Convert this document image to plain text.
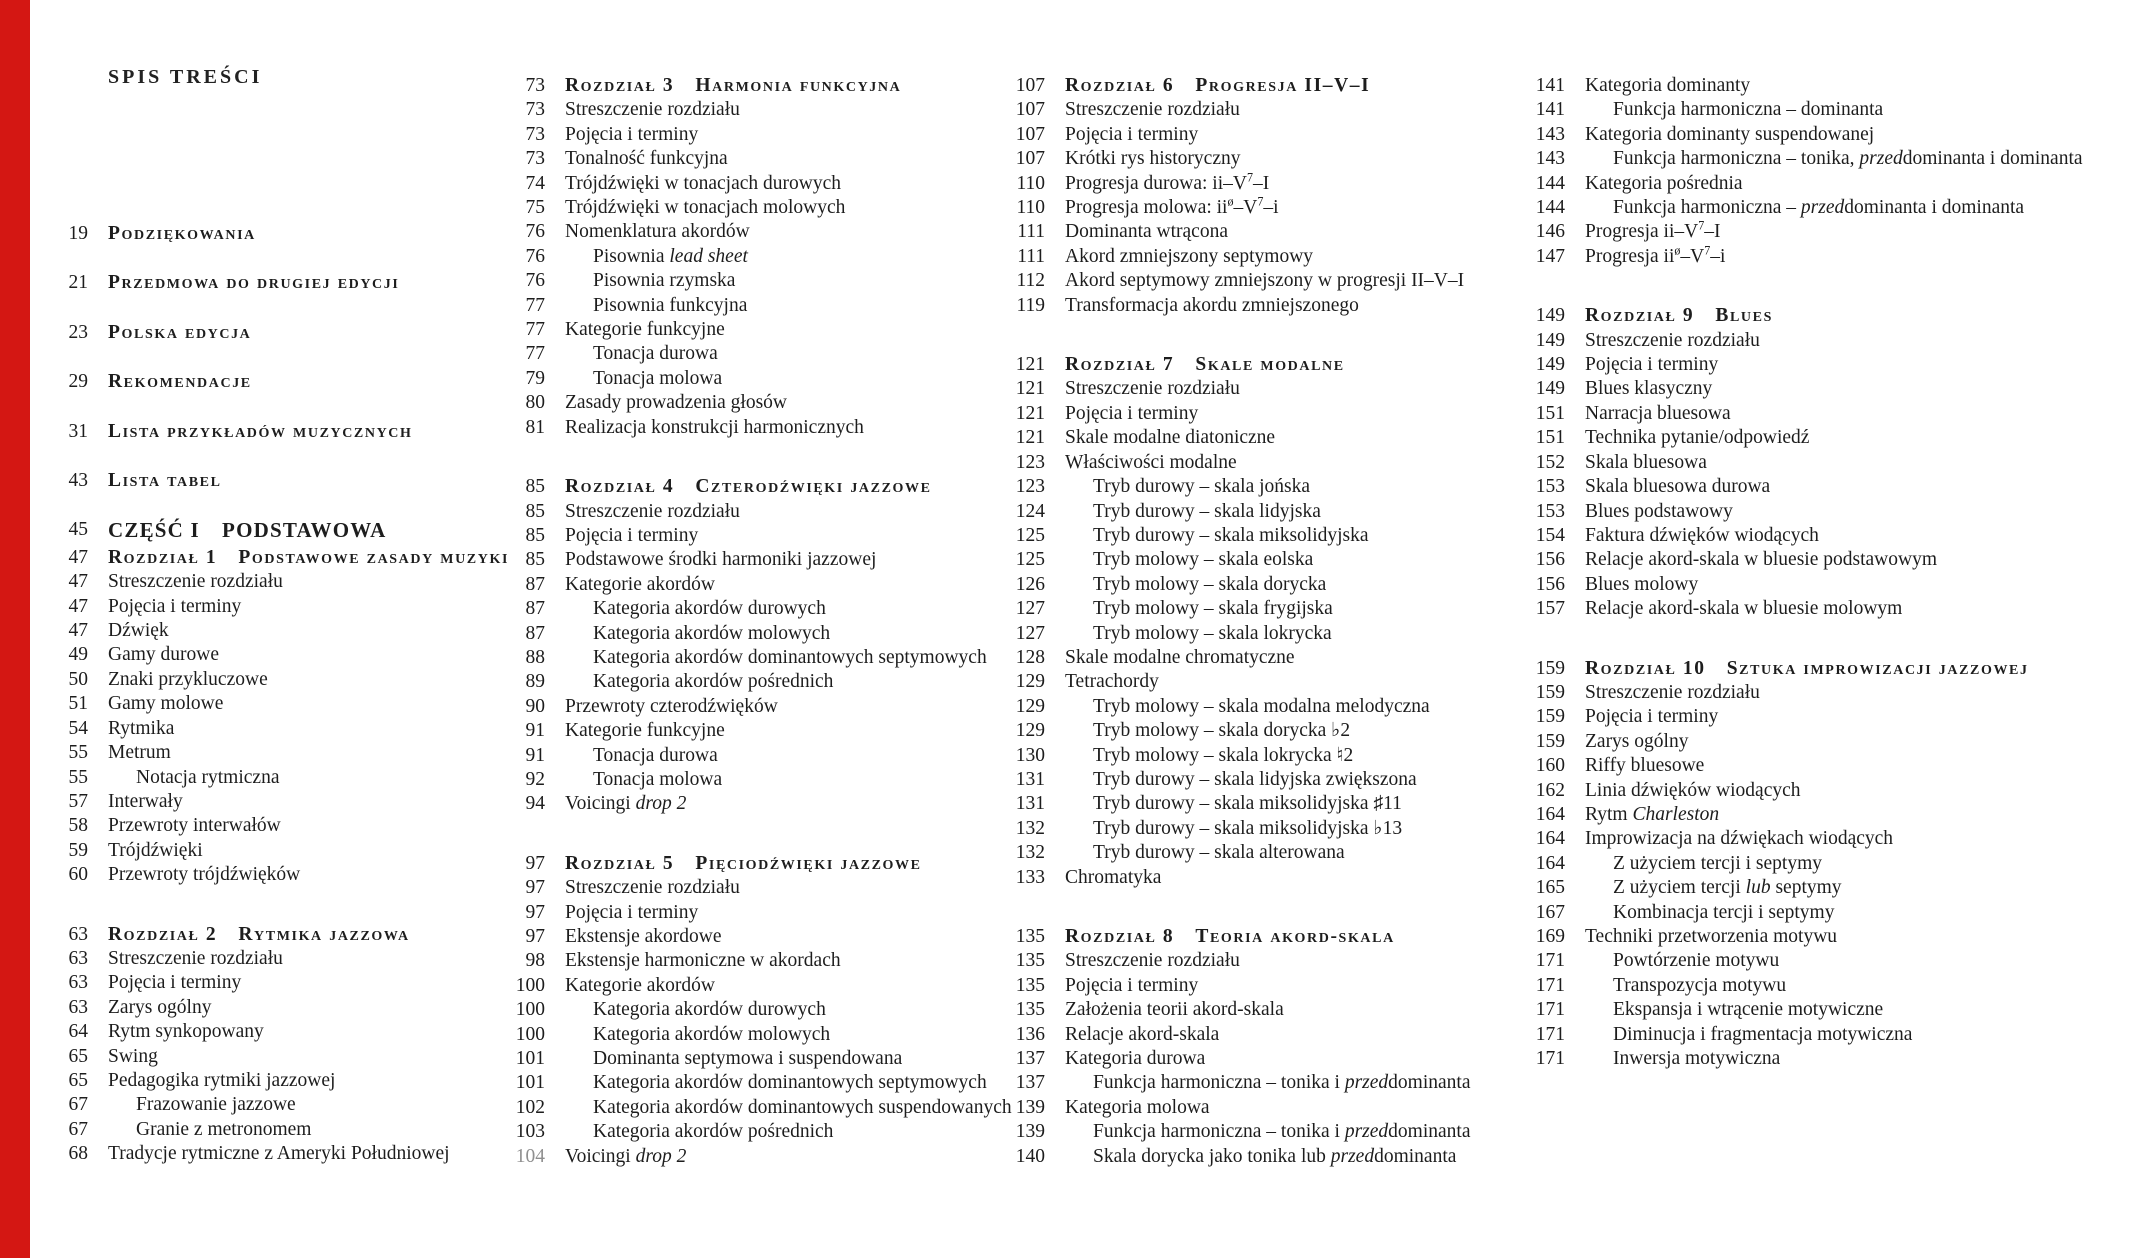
SPIS TREŚCI
19 Podziękowania
21 Przedmowa do drugiej edycji
23 Polska edycja
29 Rekomendacje
31 Lista przykładów muzycznych
43 Lista tabel
45 CZĘŚĆ I PODSTAWOWA
47 Rozdział 1 Podstawowe zasady muzyki
47 Streszczenie rozdziału
47 Pojęcia i terminy
47 Dźwięk
49 Gamy durowe
50 Znaki przykluczowe
51 Gamy molowe
54 Rytmika
55 Metrum
55	Notacja rytmiczna
57 Interwały
58 Przewroty interwałów
59 Trójdźwięki
60 Przewroty trójdźwięków
63 Rozdział 2 Rytmika jazzowa
63 Streszczenie rozdziału
63 Pojęcia i terminy
63 Zarys ogólny
64 Rytm synkopowany
65 Swing
65 Pedagogika rytmiki jazzowej
67	Frazowanie jazzowe
67	Granie z metronomem
68 Tradycje rytmiczne z Ameryki Południowej
73 Rozdział 3 Harmonia funkcyjna
73 Streszczenie rozdziału
73 Pojęcia i terminy
73 Tonalność funkcyjna
74 Trójdźwięki w tonacjach durowych
75 Trójdźwięki w tonacjach molowych
76 Nomenklatura akordów
76	Pisownia lead sheet
76	Pisownia rzymska
77	Pisownia funkcyjna
77 Kategorie funkcyjne
77	Tonacja durowa
79	Tonacja molowa
80 Zasady prowadzenia głosów
81 Realizacja konstrukcji harmonicznych
85 Rozdział 4 Czterodźwięki jazzowe
85 Streszczenie rozdziału
85 Pojęcia i terminy
85 Podstawowe środki harmoniki jazzowej
87 Kategorie akordów
87	Kategoria akordów durowych
87	Kategoria akordów molowych
88	Kategoria akordów dominantowych septymowych
89	Kategoria akordów pośrednich
90 Przewroty czterodźwięków
91 Kategorie funkcyjne
91	Tonacja durowa
92	Tonacja molowa
94 Voicingi drop 2
97 Rozdział 5 Pięciodźwięki jazzowe
97 Streszczenie rozdziału
97 Pojęcia i terminy
97 Ekstensje akordowe
98 Ekstensje harmoniczne w akordach
100 Kategorie akordów
100	Kategoria akordów durowych
100	Kategoria akordów molowych
101	Dominanta septymowa i suspendowana
101	Kategoria akordów dominantowych septymowych
102	Kategoria akordów dominantowych suspendowanych
103	Kategoria akordów pośrednich
104 Voicingi drop 2
107 Rozdział 6 Progresja II–V–I
107 Streszczenie rozdziału
107 Pojęcia i terminy
107 Krótki rys historyczny
110 Progresja durowa: $ii-V^7-I$
110 Progresja molowa: $ii^ø-V^7-i$
111 Dominanta wtrącona
111 Akord zmniejszony septymowy
112 Akord septymowy zmniejszony w progresji II–V–I
119 Transformacja akordu zmniejszonego
121 Rozdział 7 Skale modalne
121 Streszczenie rozdziału
121 Pojęcia i terminy
121 Skale modalne diatoniczne
123 Właściwości modalne
123	Tryb durowy – skala jońska
124	Tryb durowy – skala lidyjska
125	Tryb durowy – skala miksolidyjska
125	Tryb molowy – skala eolska
126	Tryb molowy – skala dorycka
127	Tryb molowy – skala frygijska
127	Tryb molowy – skala lokrycka
128 Skale modalne chromatyczne
129 Tetrachordy
129	Tryb molowy – skala modalna melodyczna
129	Tryb molowy – skala dorycka ♭2
130	Tryb molowy – skala lokrycka ♮2
131	Tryb durowy – skala lidyjska zwiększona
131	Tryb durowy – skala miksolidyjska ♯11
132	Tryb durowy – skala miksolidyjska ♭13
132	Tryb durowy – skala alterowana
133 Chromatyka
135 Rozdział 8 Teoria akord-skala
135 Streszczenie rozdziału
135 Pojęcia i terminy
135 Założenia teorii akord-skala
136 Relacje akord-skala
137 Kategoria durowa
137	Funkcja harmoniczna – tonika i przeddominanta
139 Kategoria molowa
139	Funkcja harmoniczna – tonika i przeddominanta
140	Skala dorycka jako tonika lub przeddominanta
141 Kategoria dominanty
141	Funkcja harmoniczna – dominanta
143 Kategoria dominanty suspendowanej
143	Funkcja harmoniczna – tonika, przeddominanta i dominanta
144 Kategoria pośrednia
144	Funkcja harmoniczna – przeddominanta i dominanta
146 Progresja $ii-V^7-I$
147 Progresja $ii^ø-V^7-i$
149 Rozdział 9 Blues
149 Streszczenie rozdziału
149 Pojęcia i terminy
149 Blues klasyczny
151 Narracja bluesowa
151 Technika pytanie/odpowiedź
152 Skala bluesowa
153 Skala bluesowa durowa
153 Blues podstawowy
154 Faktura dźwięków wiodących
156 Relacje akord-skala w bluesie podstawowym
156 Blues molowy
157 Relacje akord-skala w bluesie molowym
159 Rozdział 10 Sztuka improwizacji jazzowej
159 Streszczenie rozdziału
159 Pojęcia i terminy
159 Zarys ogólny
160 Riffy bluesowe
162 Linia dźwięków wiodących
164 Rytm Charleston
164 Improwizacja na dźwiękach wiodących
164	Z użyciem tercji i septymy
165	Z użyciem tercji lub septymy
167	Kombinacja tercji i septymy
169 Techniki przetworzenia motywu
171	Powtórzenie motywu
171	Transpozycja motywu
171	Ekspansja i wtrącenie motywiczne
171	Diminucja i fragmentacja motywiczna
171	Inwersja motywiczna
